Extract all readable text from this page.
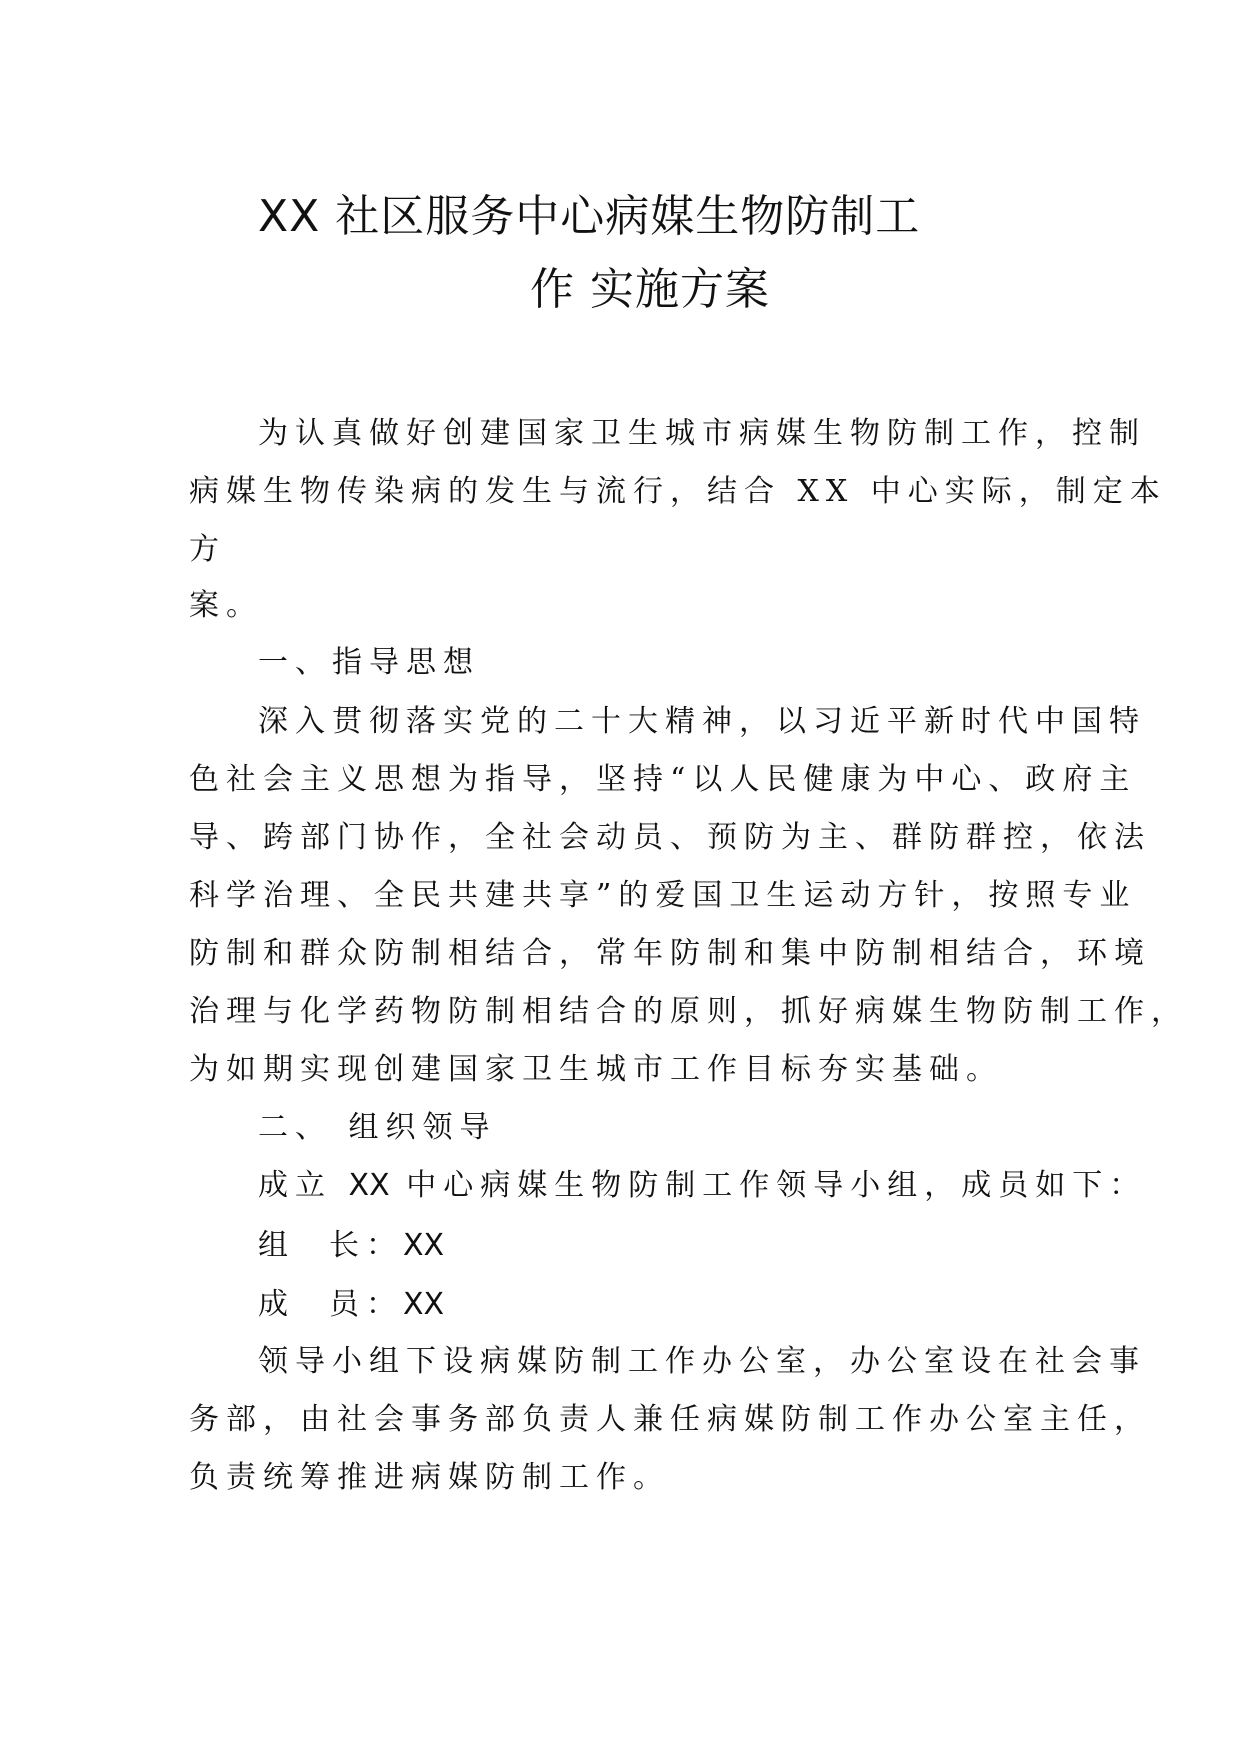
XX 社区服务中心病媒生物防制工
作 实施方案

为认真做好创建国家卫生城市病媒生物防制工作，控制

病媒生物传染病的发生与流行，结合 XX 中心实际，制定本

方

案。

一、指导思想

深入贯彻落实党的二十大精神，以习近平新时代中国特

色社会主义思想为指导，坚持“以人民健康为中心、政府主

导、跨部门协作，全社会动员、预防为主、群防群控，依法

科学治理、全民共建共享”的爱国卫生运动方针，按照专业

防制和群众防制相结合，常年防制和集中防制相结合，环境

治理与化学药物防制相结合的原则，抓好病媒生物防制工作，

为如期实现创建国家卫生城市工作目标夯实基础。

二、 组织领导

成立 XX 中心病媒生物防制工作领导小组，成员如下：

组 长：XX

成 员：XX

领导小组下设病媒防制工作办公室，办公室设在社会事

务部，由社会事务部负责人兼任病媒防制工作办公室主任，

负责统筹推进病媒防制工作。
